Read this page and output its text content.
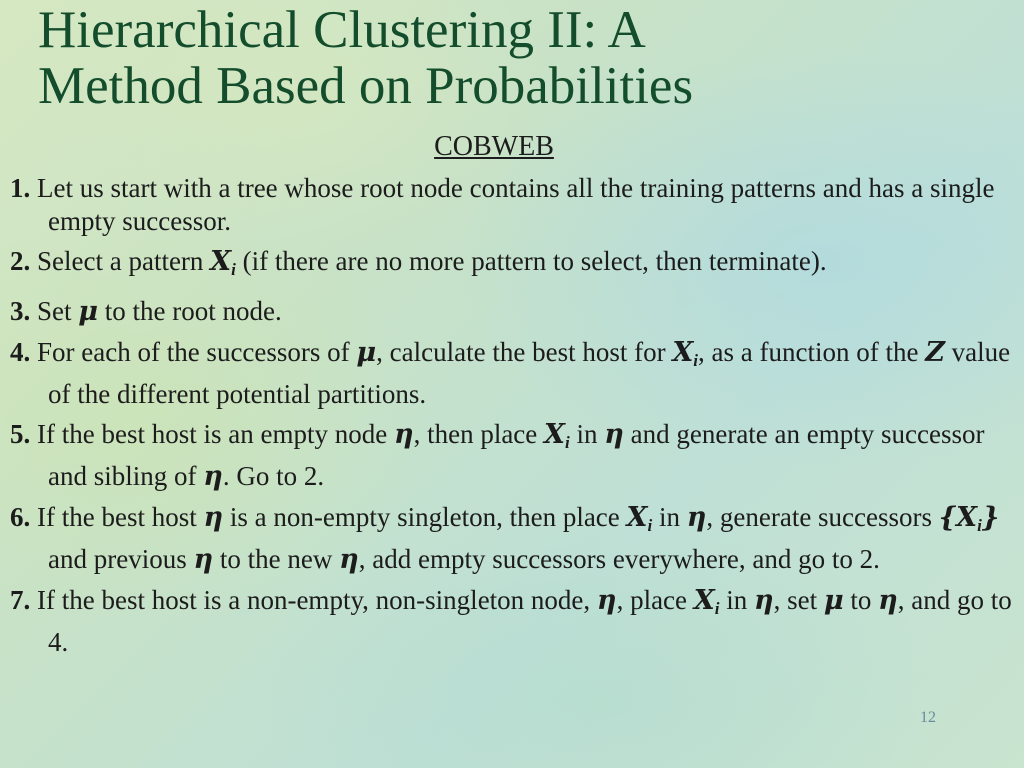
Hierarchical Clustering II: A
Method Based on Probabilities
COBWEB
1. Let us start with a tree whose root node contains all the training patterns and has a single empty successor.
2. Select a pattern $X_i$ (if there are no more pattern to select, then terminate).
3. Set μ to the root node.
4. For each of the successors of μ, calculate the best host for $X_i$, as a function of the Z value of the different potential partitions.
5. If the best host is an empty node η, then place $X_i$ in η and generate an empty successor and sibling of η. Go to 2.
6. If the best host η is a non-empty singleton, then place $X_i$ in η, generate successors $\{X_i\}$ and previous η to the new η, add empty successors everywhere, and go to 2.
7. If the best host is a non-empty, non-singleton node, η, place $X_i$ in η, set μ to η, and go to 4.
12
